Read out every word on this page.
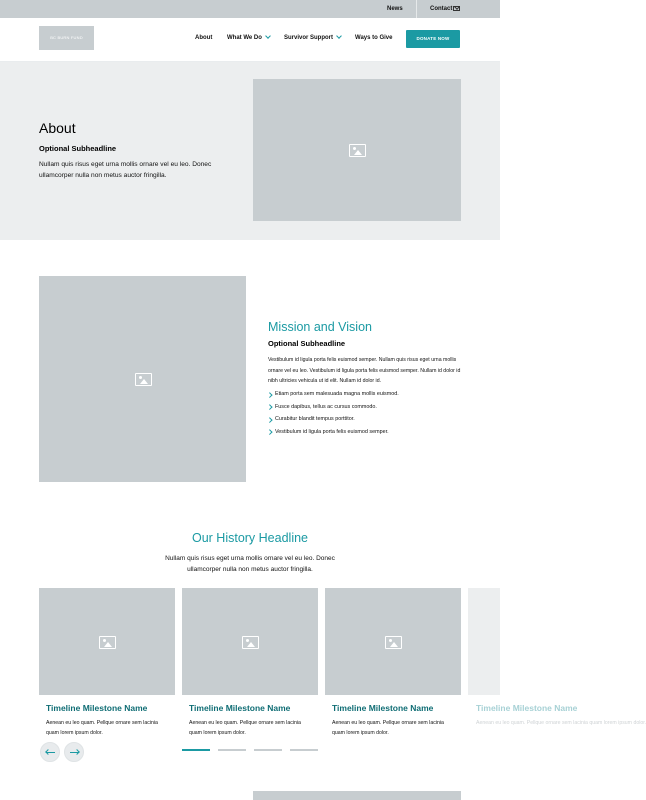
News	Contact
BC BURN FUND	About What We Do	Survivor Support	Ways to Give	DONATE NOW
About
Optional Subheadline
Nullam quis risus eget urna mollis ornare vel eu leo. Donec ullamcorper nulla non metus auctor fringilla.
Mission and Vision
Optional Subheadline
Vestibulum id ligula porta felis euismod semper. Nullam quis risus eget urna mollis ornare vel eu leo. Vestibulum id ligula porta felis euismod semper. Nullam id dolor id nibh ultricies vehicula ut id elit. Nullam id dolor id.
Etiam porta sem malesuada magna mollis euismod.
Fusce dapibus, tellus ac cursus commodo.
Curabitur blandit tempus porttitor.
Vestibulum id ligula porta felis euismod semper.
Our History Headline
Nullam quis risus eget urna mollis ornare vel eu leo. Donec ullamcorper nulla non metus auctor fringilla.
Timeline Milestone Name
Aenean eu leo quam. Pellque ornare sem lacinia quam lorem ipsum dolor.
Timeline Milestone Name
Aenean eu leo quam. Pellque ornare sem lacinia quam lorem ipsum dolor.
Timeline Milestone Name
Aenean eu leo quam. Pellque ornare sem lacinia quam lorem ipsum dolor.
Timeline Milestone Name
Aenean eu leo quam. Pellque ornare sem lacinia quam lorem ipsum dolor.
